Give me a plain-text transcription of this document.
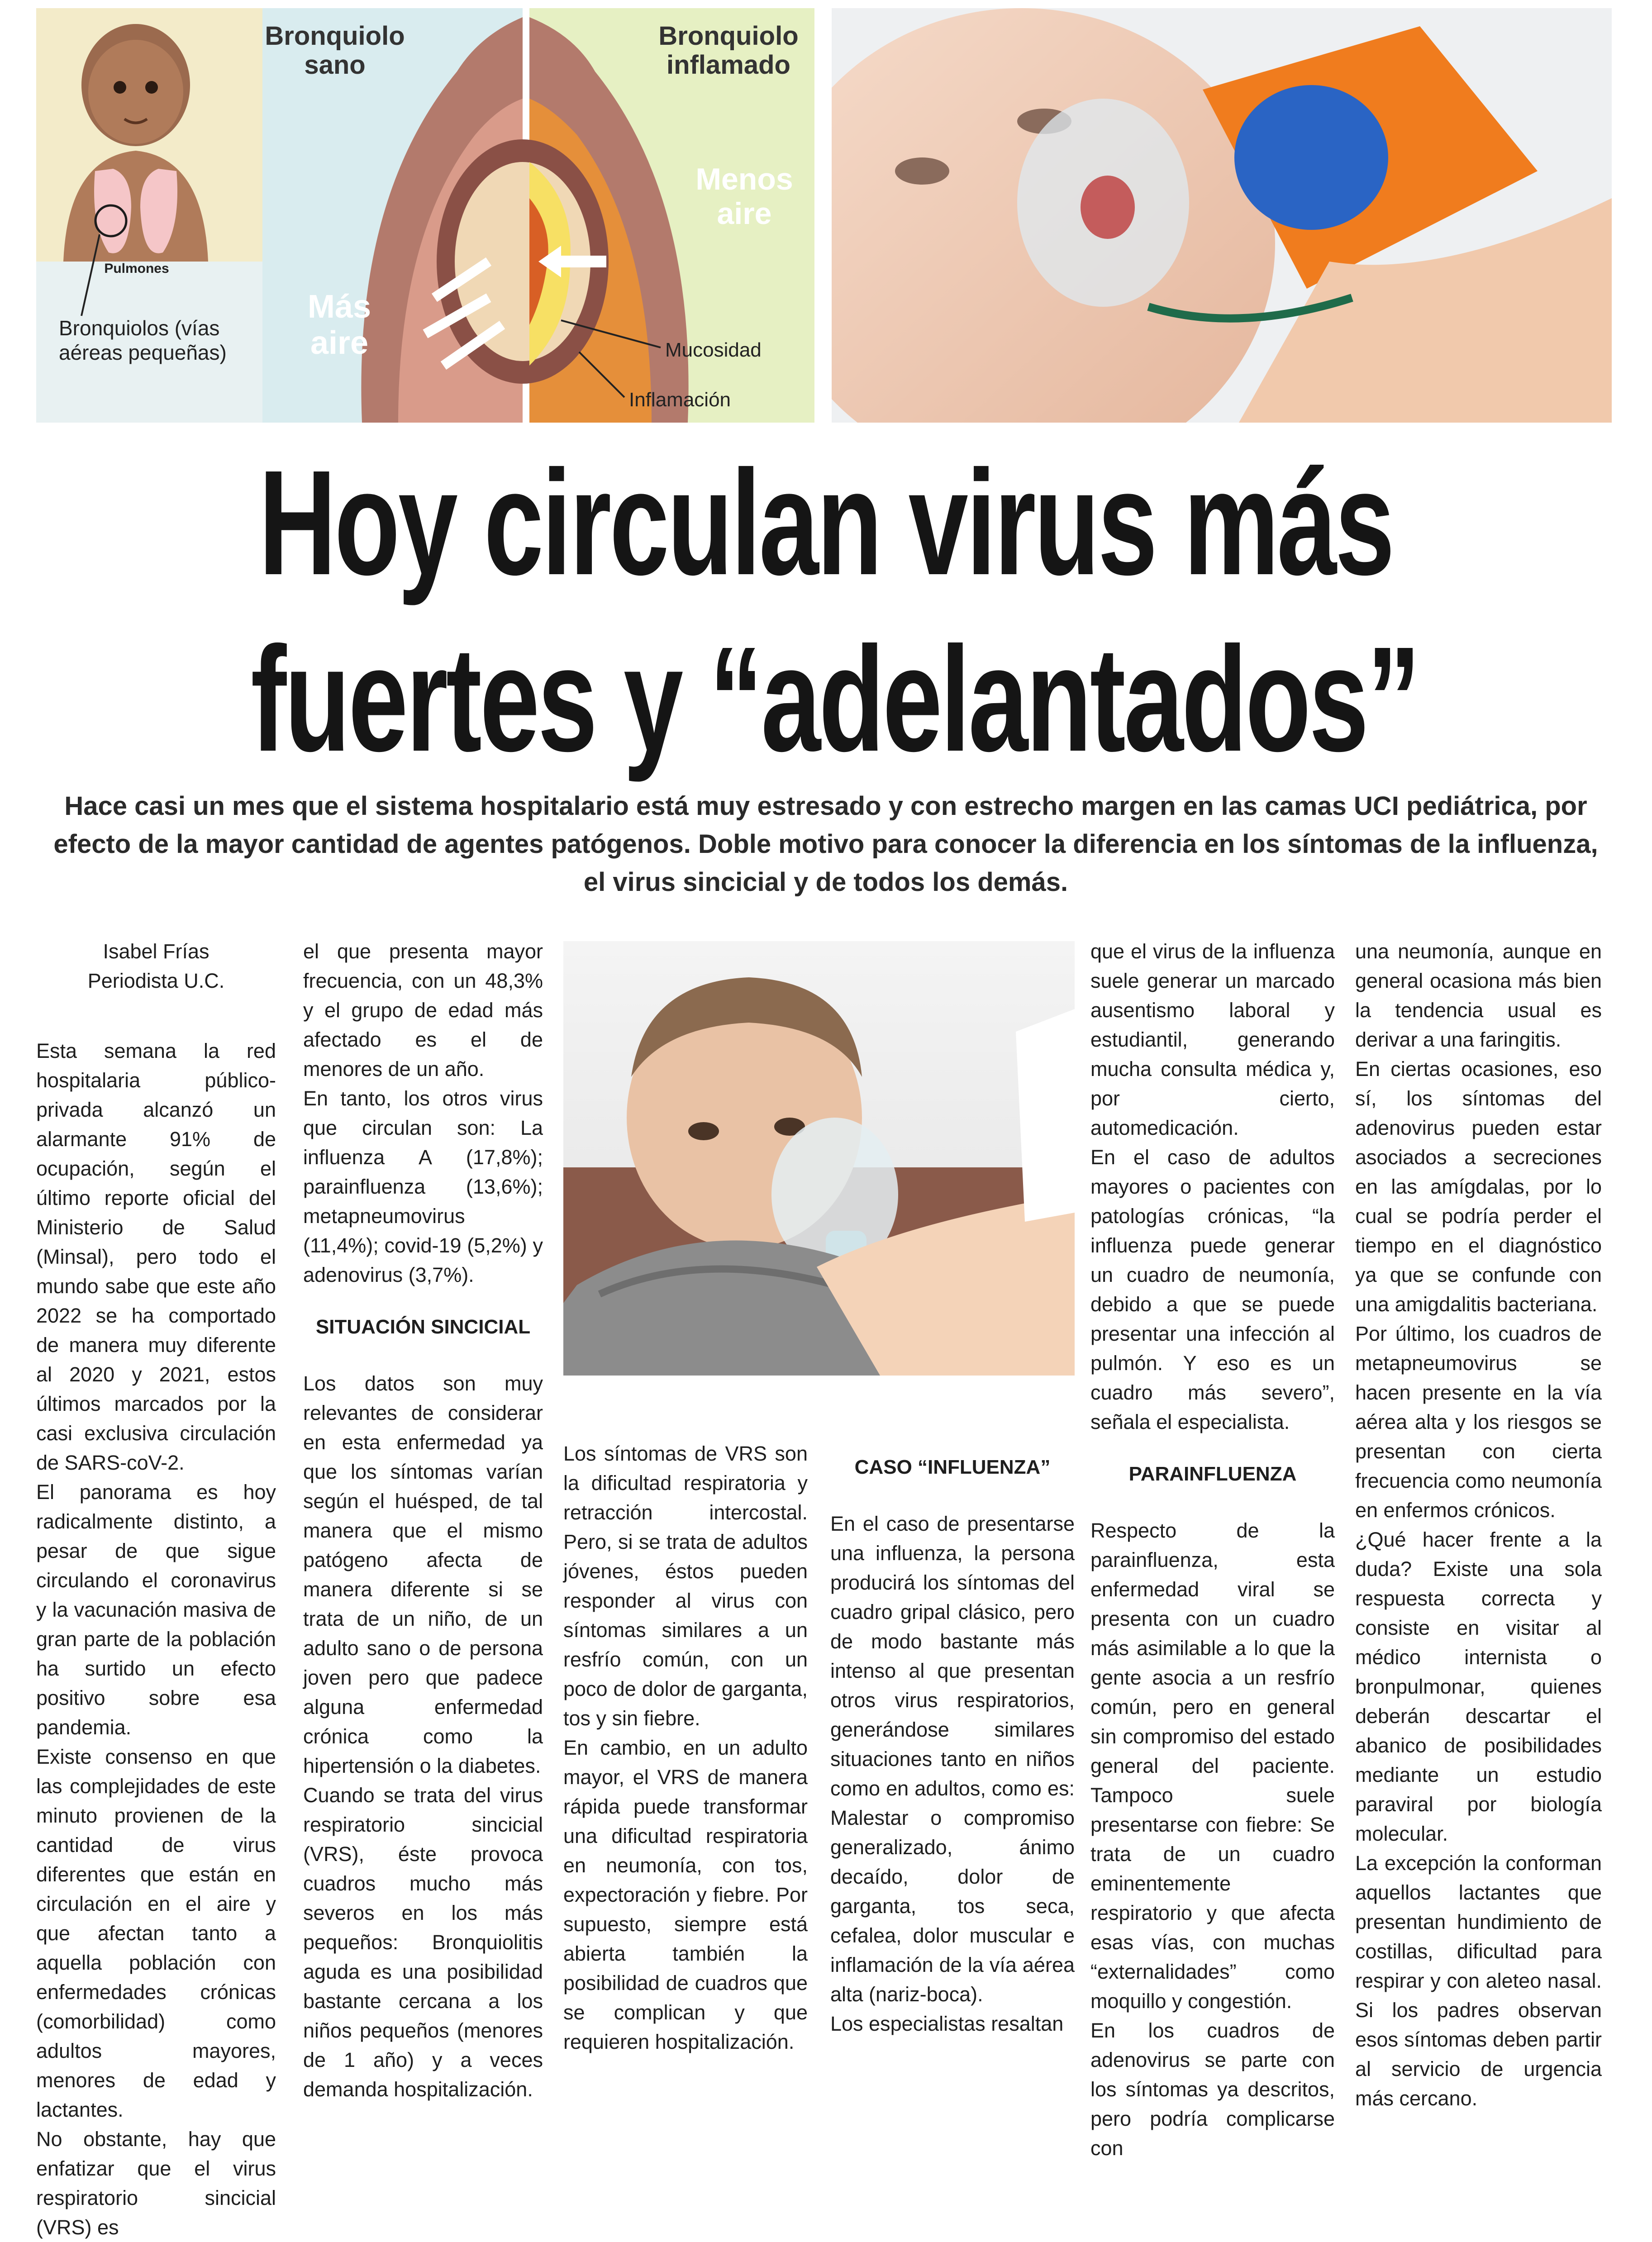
Pulmones
Bronquiolos (vías aéreas pequeñas)
Bronquiolo sano
Bronquiolo inflamado
Más aire
Menos aire
Mucosidad
Inflamación
Hoy circulan virus más
fuertes y “adelantados”
Hace casi un mes que el sistema hospitalario está muy estresado y con estrecho margen en las camas UCI pediátrica, por efecto de la mayor cantidad de agentes patógenos. Doble motivo para conocer la diferencia en los síntomas de la influenza, el virus sincicial y de todos los demás.

Isabel Frías
Periodista U.C.

Esta semana la red hospitalaria público-privada alcanzó un alarmante 91% de ocupación, según el último reporte oficial del Ministerio de Salud (Minsal), pero todo el mundo sabe que este año 2022 se ha comportado de manera muy diferente al 2020 y 2021, estos últimos marcados por la casi exclusiva circulación de SARS-coV-2.

El panorama es hoy radicalmente distinto, a pesar de que sigue circulando el coronavirus y la vacunación masiva de gran parte de la población ha surtido un efecto positivo sobre esa pandemia.

Existe consenso en que las complejidades de este minuto provienen de la cantidad de virus diferentes que están en circulación en el aire y que afectan tanto a aquella población con enfermedades crónicas (comorbilidad) como adultos mayores, menores de edad y lactantes.

No obstante, hay que enfatizar que el virus respiratorio sincicial (VRS) es

el que presenta mayor frecuencia, con un 48,3% y el grupo de edad más afectado es el de menores de un año.

En tanto, los otros virus que circulan son: La influenza A (17,8%); parainfluenza (13,6%); metapneumovirus (11,4%); covid-19 (5,2%) y adenovirus (3,7%).

SITUACIÓN SINCICIAL

Los datos son muy relevantes de considerar en esta enfermedad ya que los síntomas varían según el huésped, de tal manera que el mismo patógeno afecta de manera diferente si se trata de un niño, de un adulto sano o de persona joven pero que padece alguna enfermedad crónica como la hipertensión o la diabetes.

Cuando se trata del virus respiratorio sincicial (VRS), éste provoca cuadros mucho más severos en los más pequeños: Bronquiolitis aguda es una posibilidad bastante cercana a los niños pequeños (menores de 1 año) y a veces demanda hospitalización.

Los síntomas de VRS son la dificultad respiratoria y retracción intercostal. Pero, si se trata de adultos jóvenes, éstos pueden responder al virus con síntomas similares a un resfrío común, con un poco de dolor de garganta, tos y sin fiebre.

En cambio, en un adulto mayor, el VRS de manera rápida puede transformar una dificultad respiratoria en neumonía, con tos, expectoración y fiebre. Por supuesto, siempre está abierta también la posibilidad de cuadros que se complican y que requieren hospitalización.

CASO “INFLUENZA”

En el caso de presentarse una influenza, la persona producirá los síntomas del cuadro gripal clásico, pero de modo bastante más intenso al que presentan otros virus respiratorios, generándose similares situaciones tanto en niños como en adultos, como es: Malestar o compromiso generalizado, ánimo decaído, dolor de garganta, tos seca, cefalea, dolor muscular e inflamación de la vía aérea alta (nariz-boca).

Los especialistas resaltan

que el virus de la influenza suele generar un marcado ausentismo laboral y estudiantil, generando mucha consulta médica y, por cierto, automedicación.

En el caso de adultos mayores o pacientes con patologías crónicas, “la influenza puede generar un cuadro de neumonía, debido a que se puede presentar una infección al pulmón. Y eso es un cuadro más severo”, señala el especialista.

PARAINFLUENZA

Respecto de la parainfluenza, esta enfermedad viral se presenta con un cuadro más asimilable a lo que la gente asocia a un resfrío común, pero en general sin compromiso del estado general del paciente. Tampoco suele presentarse con fiebre: Se trata de un cuadro eminentemente respiratorio y que afecta esas vías, con muchas “externalidades” como moquillo y congestión.

En los cuadros de adenovirus se parte con los síntomas ya descritos, pero podría complicarse con

una neumonía, aunque en general ocasiona más bien la tendencia usual es derivar a una faringitis.

En ciertas ocasiones, eso sí, los síntomas del adenovirus pueden estar asociados a secreciones en las amígdalas, por lo cual se podría perder el tiempo en el diagnóstico ya que se confunde con una amigdalitis bacteriana.

Por último, los cuadros de metapneumovirus se hacen presente en la vía aérea alta y los riesgos se presentan con cierta frecuencia como neumonía en enfermos crónicos.

¿Qué hacer frente a la duda? Existe una sola respuesta correcta y consiste en visitar al médico internista o bronpulmonar, quienes deberán descartar el abanico de posibilidades mediante un estudio paraviral por biología molecular.

La excepción la conforman aquellos lactantes que presentan hundimiento de costillas, dificultad para respirar y con aleteo nasal. Si los padres observan esos síntomas deben partir al servicio de urgencia más cercano.
